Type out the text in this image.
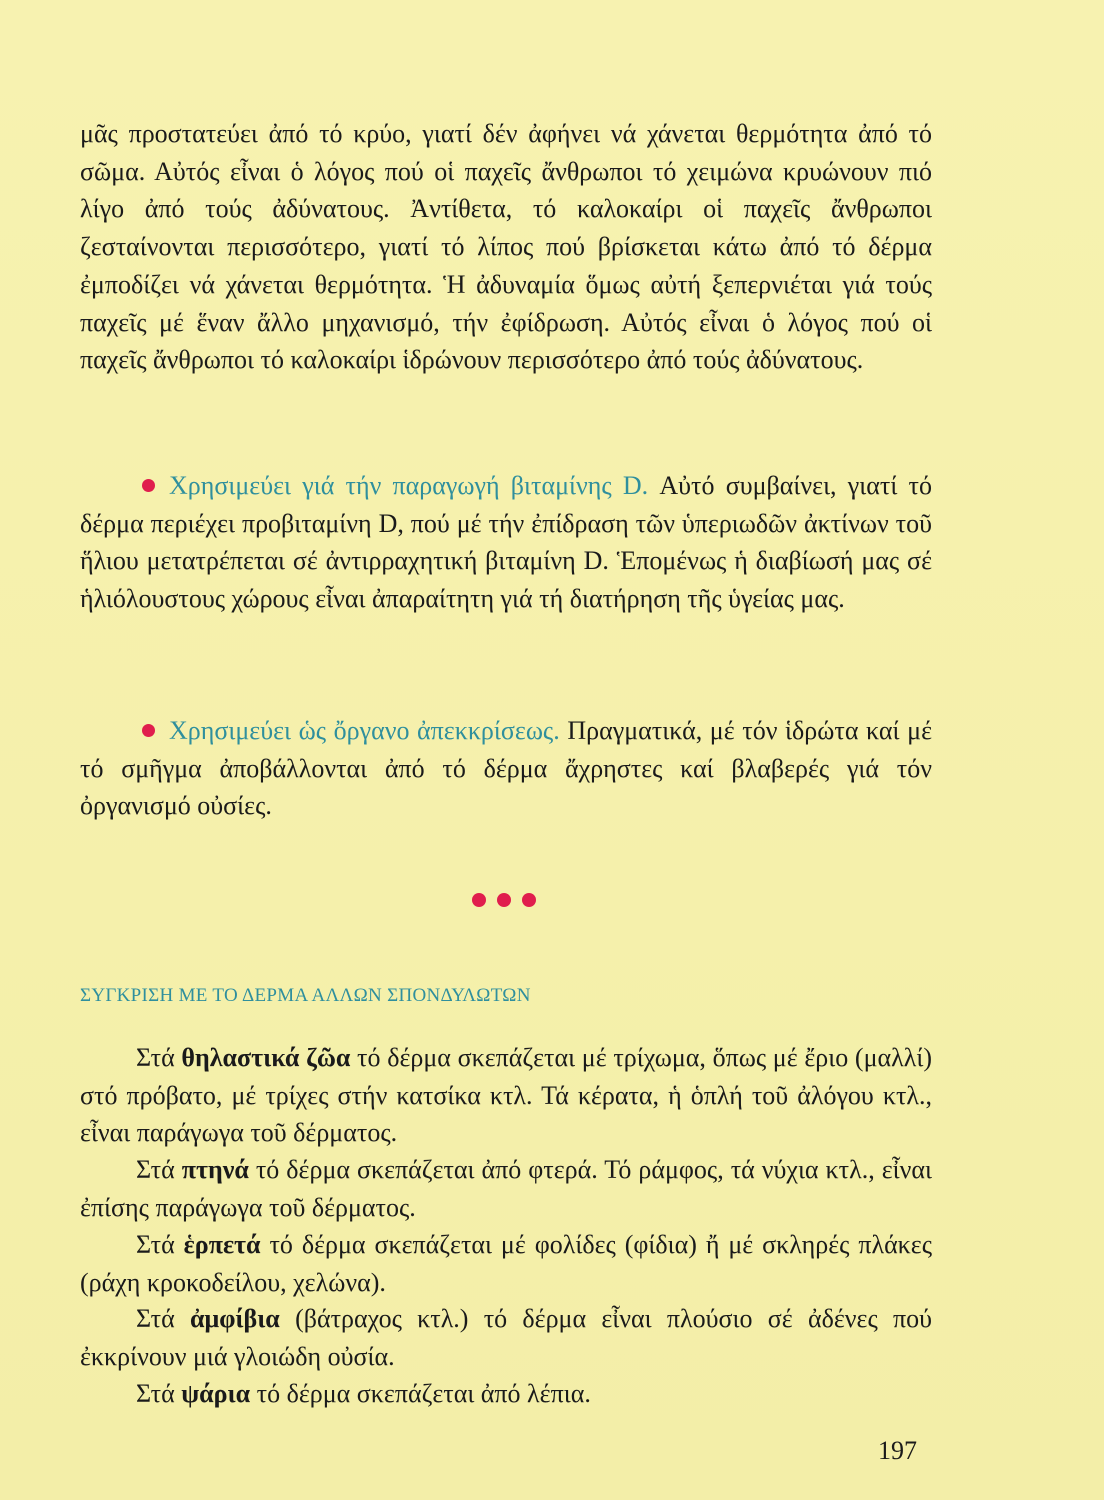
μᾶς προστατεύει ἀπό τό κρύο, γιατί δέν ἀφήνει νά χάνεται θερμότητα ἀπό τό σῶμα. Αὐτός εἶναι ὁ λόγος πού οἱ παχεῖς ἄνθρωποι τό χειμώνα κρυώνουν πιό λίγο ἀπό τούς ἀδύνατους. Ἀντίθετα, τό καλοκαίρι οἱ παχεῖς ἄνθρωποι ζεσταίνονται περισσότερο, γιατί τό λίπος πού βρίσκεται κάτω ἀπό τό δέρμα ἐμποδίζει νά χάνεται θερμότητα. Ἡ ἀδυναμία ὅμως αὐτή ξεπερνιέται γιά τούς παχεῖς μέ ἕναν ἄλλο μηχανισμό, τήν ἐφίδρωση. Αὐτός εἶναι ὁ λόγος πού οἱ παχεῖς ἄνθρωποι τό καλοκαίρι ἱδρώνουν περισσότερο ἀπό τούς ἀδύνατους.

Χρησιμεύει γιά τήν παραγωγή βιταμίνης D. Αὐτό συμβαίνει, γιατί τό δέρμα περιέχει προβιταμίνη D, πού μέ τήν ἐπίδραση τῶν ὑπεριωδῶν ἀκτίνων τοῦ ἥλιου μετατρέπεται σέ ἀντιρραχητική βιταμίνη D. Ἑπομένως ἡ διαβίωσή μας σέ ἡλιόλουστους χώρους εἶναι ἀπαραίτητη γιά τή διατήρηση τῆς ὑγείας μας.

Χρησιμεύει ὡς ὄργανο ἀπεκκρίσεως. Πραγματικά, μέ τόν ἱδρώτα καί μέ τό σμῆγμα ἀποβάλλονται ἀπό τό δέρμα ἄχρηστες καί βλαβερές γιά τόν ὀργανισμό οὐσίες.

ΣΥΓΚΡΙΣΗ ΜΕ ΤΟ ΔΕΡΜΑ ΑΛΛΩΝ ΣΠΟΝΔΥΛΩΤΩΝ

Στά θηλαστικά ζῶα τό δέρμα σκεπάζεται μέ τρίχωμα, ὅπως μέ ἔριο (μαλλί) στό πρόβατο, μέ τρίχες στήν κατσίκα κτλ. Τά κέρατα, ἡ ὁπλή τοῦ ἀλόγου κτλ., εἶναι παράγωγα τοῦ δέρματος.

Στά πτηνά τό δέρμα σκεπάζεται ἀπό φτερά. Τό ράμφος, τά νύχια κτλ., εἶναι ἐπίσης παράγωγα τοῦ δέρματος.

Στά ἑρπετά τό δέρμα σκεπάζεται μέ φολίδες (φίδια) ἤ μέ σκληρές πλάκες (ράχη κροκοδείλου, χελώνα).

Στά ἀμφίβια (βάτραχος κτλ.) τό δέρμα εἶναι πλούσιο σέ ἀδένες πού ἐκκρίνουν μιά γλοιώδη οὐσία.

Στά ψάρια τό δέρμα σκεπάζεται ἀπό λέπια.

197
